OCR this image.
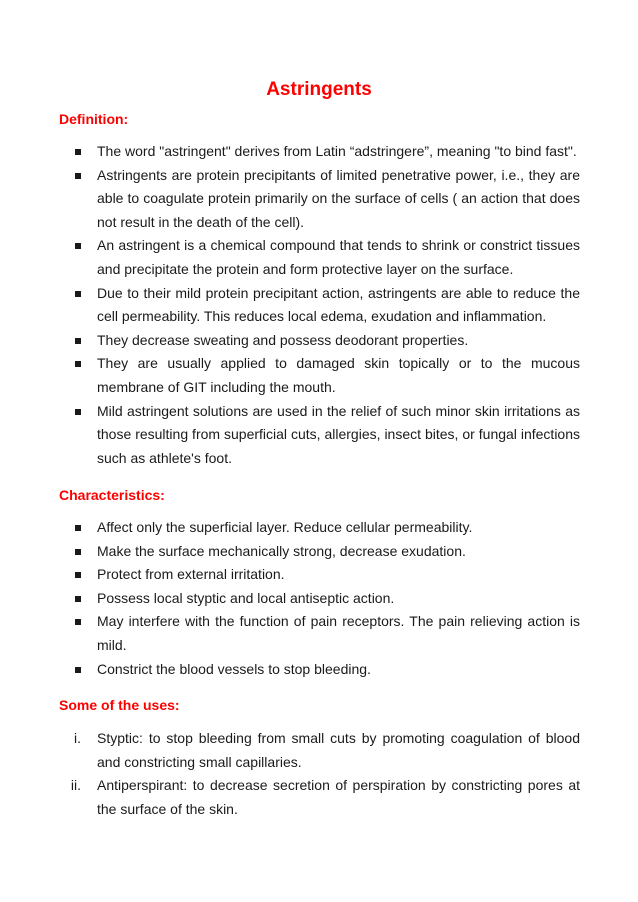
Astringents
Definition:
The word "astringent" derives from Latin “adstringere”, meaning "to bind fast".
Astringents are protein precipitants of limited penetrative power, i.e., they are able to coagulate protein primarily on the surface of cells ( an action that does not result in the death of the cell).
An astringent is a chemical compound that tends to shrink or constrict tissues and precipitate the protein and form protective layer on the surface.
Due to their mild protein precipitant action, astringents are able to reduce the cell permeability. This reduces local edema, exudation and inflammation.
They decrease sweating and possess deodorant properties.
They are usually applied to damaged skin topically or to the mucous membrane of GIT including the mouth.
Mild astringent solutions are used in the relief of such minor skin irritations as those resulting from superficial cuts, allergies, insect bites, or fungal infections such as athlete's foot.
Characteristics:
Affect only the superficial layer. Reduce cellular permeability.
Make the surface mechanically strong, decrease exudation.
Protect from external irritation.
Possess local styptic and local antiseptic action.
May interfere with the function of pain receptors. The pain relieving action is mild.
Constrict the blood vessels to stop bleeding.
Some of the uses:
i. Styptic: to stop bleeding from small cuts by promoting coagulation of blood and constricting small capillaries.
ii. Antiperspirant: to decrease secretion of perspiration by constricting pores at the surface of the skin.
